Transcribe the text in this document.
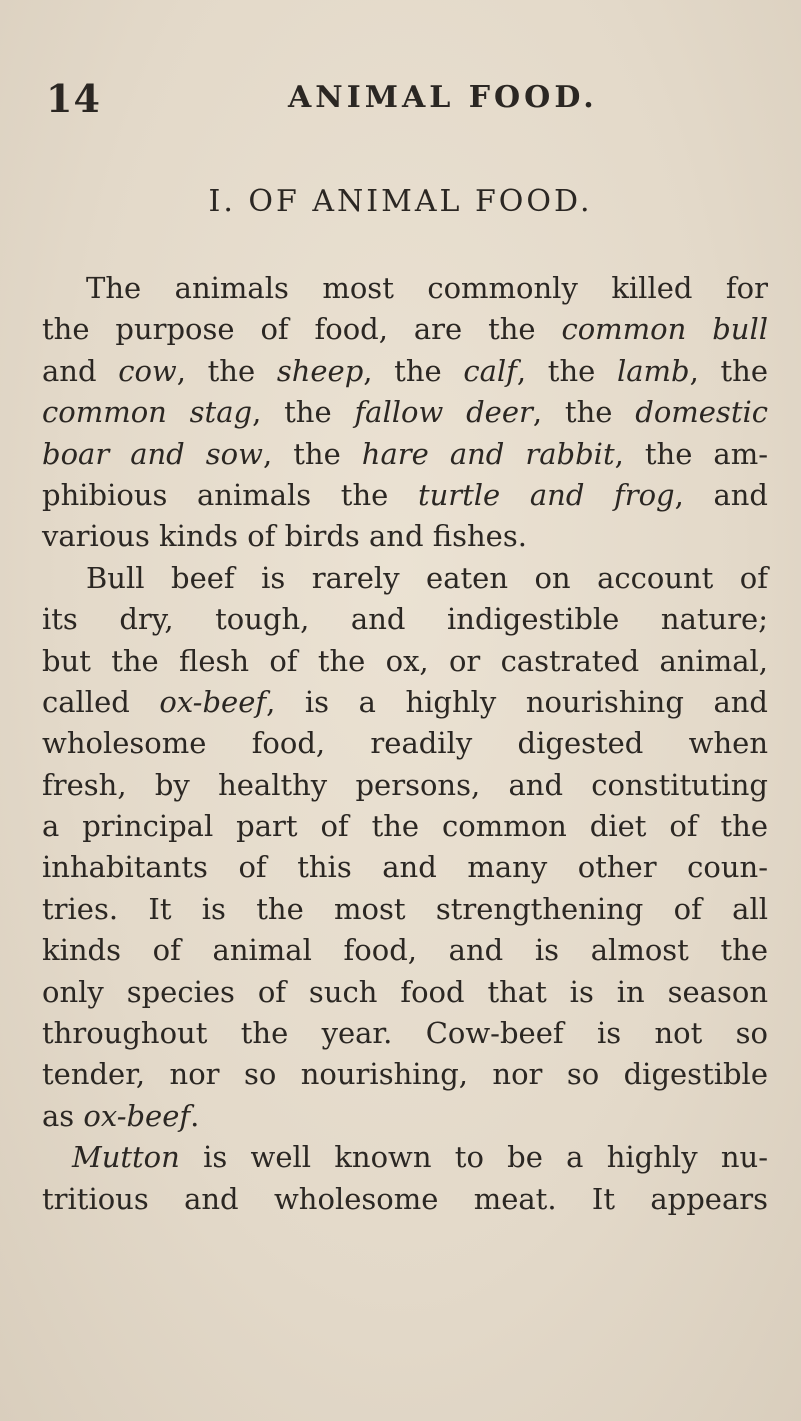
14	ANIMAL FOOD.
I. OF ANIMAL FOOD.
The animals most commonly killed for
the purpose of food, are the common bull
and cow, the sheep, the calf, the lamb, the
common stag, the fallow deer, the domestic
boar and sow, the hare and rabbit, the am-
phibious animals the turtle and frog, and
various kinds of birds and fishes.
Bull beef is rarely eaten on account of
its dry, tough, and indigestible nature;
but the flesh of the ox, or castrated animal,
called ox-beef, is a highly nourishing and
wholesome food, readily digested when
fresh, by healthy persons, and constituting
a principal part of the common diet of the
inhabitants of this and many other coun-
tries. It is the most strengthening of all
kinds of animal food, and is almost the
only species of such food that is in season
throughout the year. Cow-beef is not so
tender, nor so nourishing, nor so digestible
as ox-beef.
Mutton is well known to be a highly nu-
tritious and wholesome meat. It appears
